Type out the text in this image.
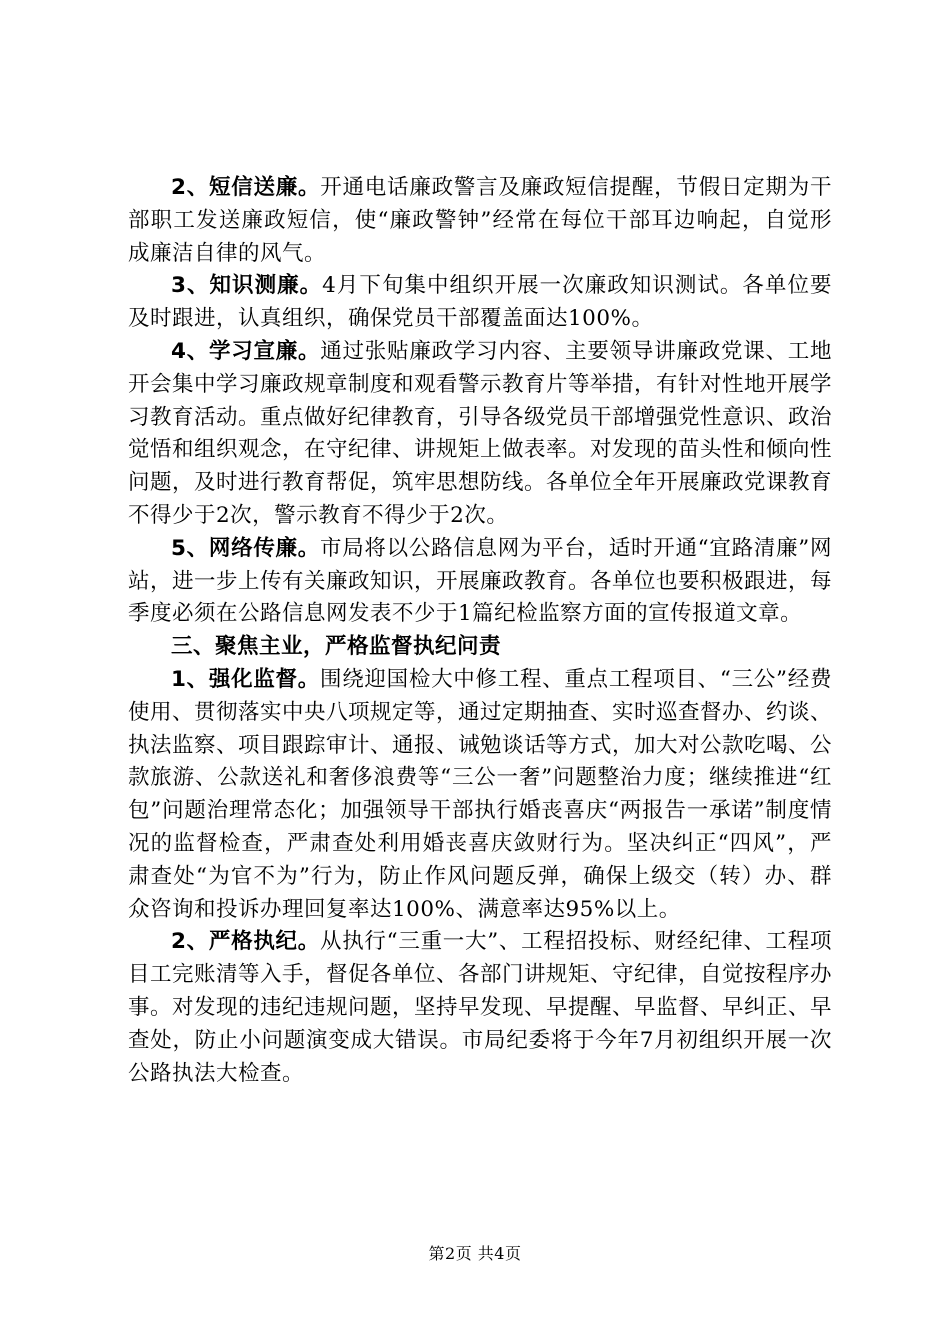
2、短信送廉。开通电话廉政警言及廉政短信提醒，节假日定期为干部职工发送廉政短信，使“廉政警钟”经常在每位干部耳边响起，自觉形成廉洁自律的风气。

3、知识测廉。4月下旬集中组织开展一次廉政知识测试。各单位要及时跟进，认真组织，确保党员干部覆盖面达100%。

4、学习宣廉。通过张贴廉政学习内容、主要领导讲廉政党课、工地开会集中学习廉政规章制度和观看警示教育片等举措，有针对性地开展学习教育活动。重点做好纪律教育，引导各级党员干部增强党性意识、政治觉悟和组织观念，在守纪律、讲规矩上做表率。对发现的苗头性和倾向性问题，及时进行教育帮促，筑牢思想防线。各单位全年开展廉政党课教育不得少于2次，警示教育不得少于2次。

5、网络传廉。市局将以公路信息网为平台，适时开通“宜路清廉”网站，进一步上传有关廉政知识，开展廉政教育。各单位也要积极跟进，每季度必须在公路信息网发表不少于1篇纪检监察方面的宣传报道文章。

三、聚焦主业，严格监督执纪问责

1、强化监督。围绕迎国检大中修工程、重点工程项目、“三公”经费使用、贯彻落实中央八项规定等，通过定期抽查、实时巡查督办、约谈、执法监察、项目跟踪审计、通报、诫勉谈话等方式，加大对公款吃喝、公款旅游、公款送礼和奢侈浪费等“三公一奢”问题整治力度；继续推进“红包”问题治理常态化；加强领导干部执行婚丧喜庆“两报告一承诺”制度情况的监督检查，严肃查处利用婚丧喜庆敛财行为。坚决纠正“四风”，严肃查处“为官不为”行为，防止作风问题反弹，确保上级交（转）办、群众咨询和投诉办理回复率达100%、满意率达95%以上。

2、严格执纪。从执行“三重一大”、工程招投标、财经纪律、工程项目工完账清等入手，督促各单位、各部门讲规矩、守纪律，自觉按程序办事。对发现的违纪违规问题，坚持早发现、早提醒、早监督、早纠正、早查处，防止小问题演变成大错误。市局纪委将于今年7月初组织开展一次公路执法大检查。

第2页 共4页
